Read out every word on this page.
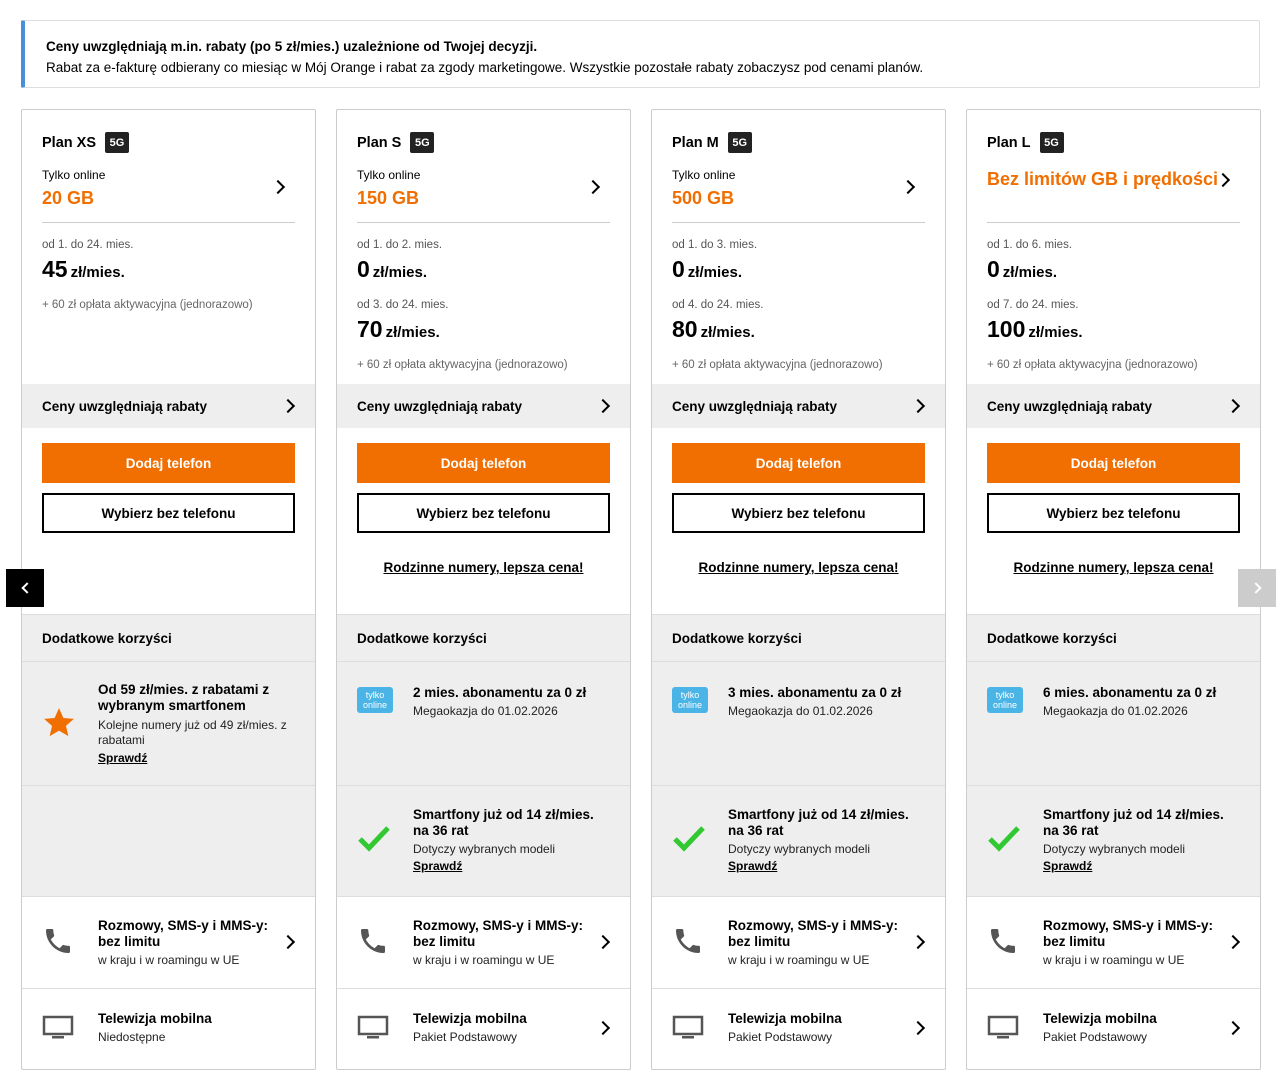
Ceny uwzględniają m.in. rabaty (po 5 zł/mies.) uzależnione od Twojej decyzji.
Rabat za e-fakturę odbierany co miesiąc w Mój Orange i rabat za zgody marketingowe. Wszystkie pozostałe rabaty zobaczysz pod cenami planów.
Plan XS	5G
Tylko online
20 GB
od 1. do 24. mies.
45 zł/mies.
+ 60 zł opłata aktywacyjna (jednorazowo)
Ceny uwzględniają rabaty
Dodaj telefon
Wybierz bez telefonu
Dodatkowe korzyści
Od 59 zł/mies. z rabatami z wybranym smartfonem
Kolejne numery już od 49 zł/mies. z rabatami
Sprawdź
Rozmowy, SMS-y i MMS-y: bez limitu
w kraju i w roamingu w UE
Telewizja mobilna
Niedostępne
Plan S	5G
Tylko online
150 GB
od 1. do 2. mies.
0 zł/mies.
od 3. do 24. mies.
70 zł/mies.
+ 60 zł opłata aktywacyjna (jednorazowo)
Ceny uwzględniają rabaty
Dodaj telefon
Wybierz bez telefonu
Rodzinne numery, lepsza cena!
Dodatkowe korzyści
tylko online
2 mies. abonamentu za 0 zł
Megaokazja do 01.02.2026
Smartfony już od 14 zł/mies. na 36 rat
Dotyczy wybranych modeli
Sprawdź
Rozmowy, SMS-y i MMS-y: bez limitu
w kraju i w roamingu w UE
Telewizja mobilna
Pakiet Podstawowy
Plan M	5G
Tylko online
500 GB
od 1. do 3. mies.
0 zł/mies.
od 4. do 24. mies.
80 zł/mies.
+ 60 zł opłata aktywacyjna (jednorazowo)
Ceny uwzględniają rabaty
Dodaj telefon
Wybierz bez telefonu
Rodzinne numery, lepsza cena!
Dodatkowe korzyści
tylko online
3 mies. abonamentu za 0 zł
Megaokazja do 01.02.2026
Smartfony już od 14 zł/mies. na 36 rat
Dotyczy wybranych modeli
Sprawdź
Rozmowy, SMS-y i MMS-y: bez limitu
w kraju i w roamingu w UE
Telewizja mobilna
Pakiet Podstawowy
Plan L	5G
Bez limitów GB i prędkości
od 1. do 6. mies.
0 zł/mies.
od 7. do 24. mies.
100 zł/mies.
+ 60 zł opłata aktywacyjna (jednorazowo)
Ceny uwzględniają rabaty
Dodaj telefon
Wybierz bez telefonu
Rodzinne numery, lepsza cena!
Dodatkowe korzyści
tylko online
6 mies. abonamentu za 0 zł
Megaokazja do 01.02.2026
Smartfony już od 14 zł/mies. na 36 rat
Dotyczy wybranych modeli
Sprawdź
Rozmowy, SMS-y i MMS-y: bez limitu
w kraju i w roamingu w UE
Telewizja mobilna
Pakiet Podstawowy
